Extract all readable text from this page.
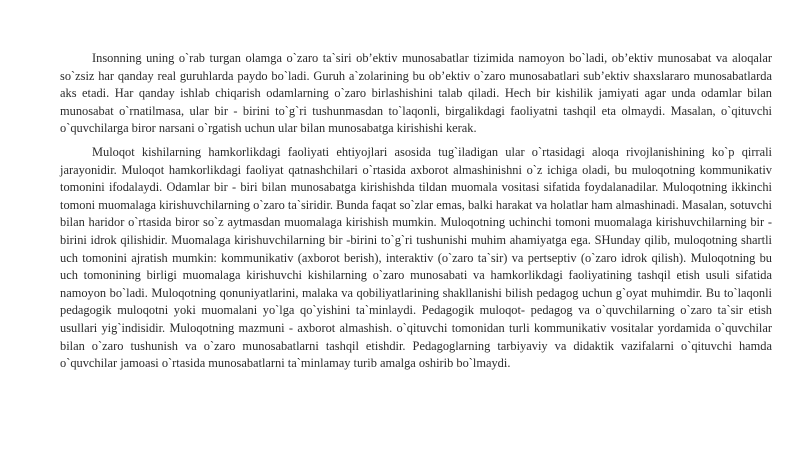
Insonning uning o`rab turgan olamga o`zaro ta`siri obʼektiv munosabatlar tizimida namoyon bo`ladi, obʼektiv munosabat va aloqalar so`zsiz har qanday real guruhlarda paydo bo`ladi. Guruh a`zolarining bu obʼektiv o`zaro munosabatlari subʼektiv shaxslararo munosabatlarda aks etadi. Har qanday ishlab chiqarish odamlarning o`zaro birlashishini talab qiladi. Hech bir kishilik jamiyati agar unda odamlar bilan munosabat o`rnatilmasa, ular bir - birini to`g`ri tushunmasdan to`laqonli, birgalikdagi faoliyatni tashqil eta olmaydi. Masalan, o`qituvchi o`quvchilarga biror narsani o`rgatish uchun ular bilan munosabatga kirishishi kerak.

Muloqot kishilarning hamkorlikdagi faoliyati ehtiyojlari asosida tug`iladigan ular o`rtasidagi aloqa rivojlanishining ko`p qirrali jarayonidir. Muloqot hamkorlikdagi faoliyat qatnashchilari o`rtasida axborot almashinishni o`z ichiga oladi, bu muloqotning kommunikativ tomonini ifodalaydi. Odamlar bir - biri bilan munosabatga kirishishda tildan muomala vositasi sifatida foydalanadilar. Muloqotning ikkinchi tomoni muomalaga kirishuvchilarning o`zaro ta`siridir. Bunda faqat so`zlar emas, balki harakat va holatlar ham almashinadi. Masalan, sotuvchi bilan haridor o`rtasida biror so`z aytmasdan muomalaga kirishish mumkin. Muloqotning uchinchi tomoni muomalaga kirishuvchilarning bir - birini idrok qilishidir. Muomalaga kirishuvchilarning bir -birini to`g`ri tushunishi muhim ahamiyatga ega. SHunday qilib, muloqotning shartli uch tomonini ajratish mumkin: kommunikativ (axborot berish), interaktiv (o`zaro ta`sir) va pertseptiv (o`zaro idrok qilish). Muloqotning bu uch tomonining birligi muomalaga kirishuvchi kishilarning o`zaro munosabati va hamkorlikdagi faoliyatining tashqil etish usuli sifatida namoyon bo`ladi. Muloqotning qonuniyatlarini, malaka va qobiliyatlarining shakllanishi bilish pedagog uchun g`oyat muhimdir. Bu to`laqonli pedagogik muloqotni yoki muomalani yo`lga qo`yishini ta`minlaydi. Pedagogik muloqot- pedagog va o`quvchilarning o`zaro ta`sir etish usullari yig`indisidir. Muloqotning mazmuni - axborot almashish. o`qituvchi tomonidan turli kommunikativ vositalar yordamida o`quvchilar bilan o`zaro tushunish va o`zaro munosabatlarni tashqil etishdir. Pedagoglarning tarbiyaviy va didaktik vazifalarni o`qituvchi hamda o`quvchilar jamoasi o`rtasida munosabatlarni ta`minlamay turib amalga oshirib bo`lmaydi.
